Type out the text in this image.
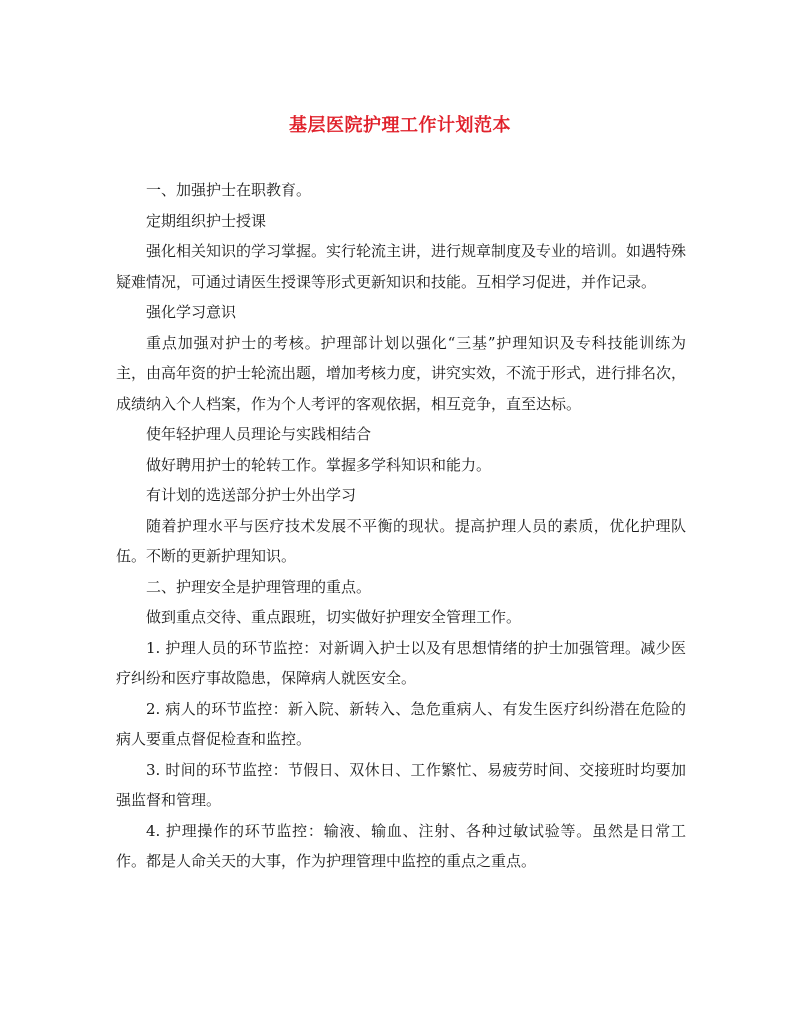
基层医院护理工作计划范本

一、加强护士在职教育。

定期组织护士授课

强化相关知识的学习掌握。实行轮流主讲，进行规章制度及专业的培训。如遇特殊疑难情况，可通过请医生授课等形式更新知识和技能。互相学习促进，并作记录。

强化学习意识

重点加强对护士的考核。护理部计划以强化“三基”护理知识及专科技能训练为主，由高年资的护士轮流出题，增加考核力度，讲究实效，不流于形式，进行排名次，成绩纳入个人档案，作为个人考评的客观依据，相互竞争，直至达标。

使年轻护理人员理论与实践相结合

做好聘用护士的轮转工作。掌握多学科知识和能力。

有计划的选送部分护士外出学习

随着护理水平与医疗技术发展不平衡的现状。提高护理人员的素质，优化护理队伍。不断的更新护理知识。

二、护理安全是护理管理的重点。

做到重点交待、重点跟班，切实做好护理安全管理工作。

1. 护理人员的环节监控：对新调入护士以及有思想情绪的护士加强管理。减少医疗纠纷和医疗事故隐患，保障病人就医安全。

2. 病人的环节监控：新入院、新转入、急危重病人、有发生医疗纠纷潜在危险的病人要重点督促检查和监控。

3. 时间的环节监控：节假日、双休日、工作繁忙、易疲劳时间、交接班时均要加强监督和管理。

4. 护理操作的环节监控：输液、输血、注射、各种过敏试验等。虽然是日常工作。都是人命关天的大事，作为护理管理中监控的重点之重点。
